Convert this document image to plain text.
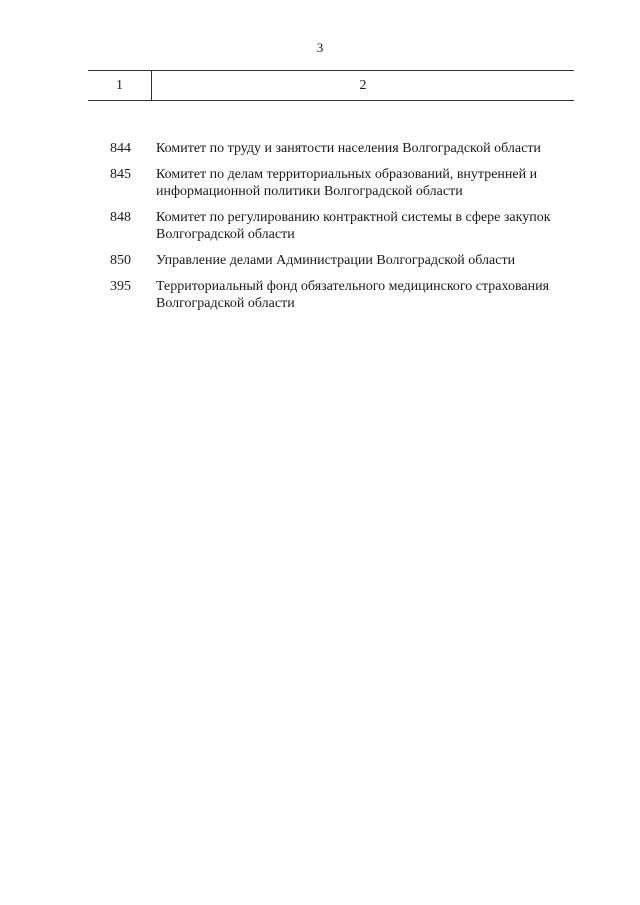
3
1	2
844	Комитет по труду и занятости населения Волгоградской области
845	Комитет по делам территориальных образований, внутренней и информационной политики Волгоградской области
848	Комитет по регулированию контрактной системы в сфере закупок Волгоградской области
850	Управление делами Администрации Волгоградской области
395	Территориальный фонд обязательного медицинского страхования Волгоградской области
